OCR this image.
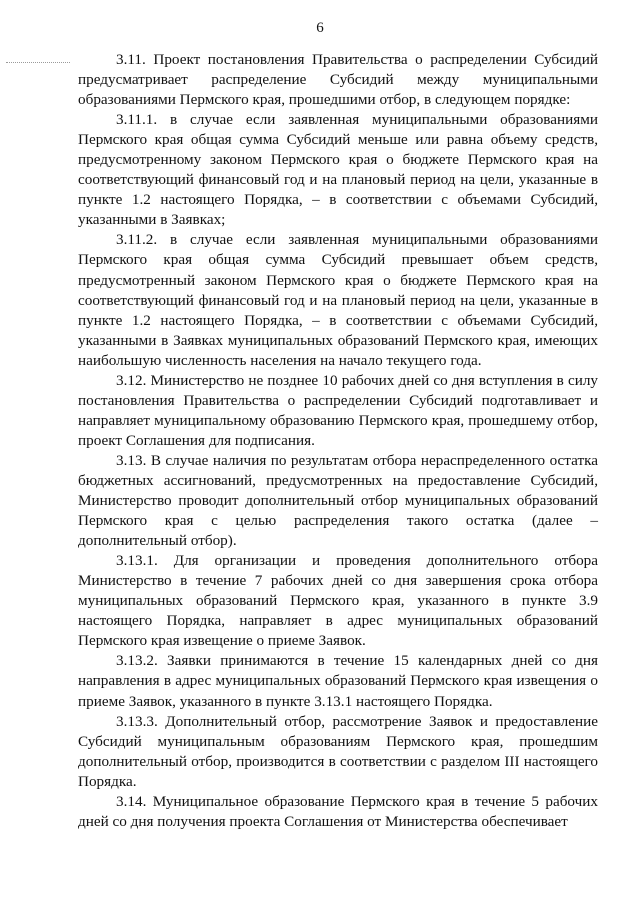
6

3.11. Проект постановления Правительства о распределении Субсидий предусматривает распределение Субсидий между муниципальными образованиями Пермского края, прошедшими отбор, в следующем порядке:

3.11.1. в случае если заявленная муниципальными образованиями Пермского края общая сумма Субсидий меньше или равна объему средств, предусмотренному законом Пермского края о бюджете Пермского края на соответствующий финансовый год и на плановый период на цели, указанные в пункте 1.2 настоящего Порядка, – в соответствии с объемами Субсидий, указанными в Заявках;

3.11.2. в случае если заявленная муниципальными образованиями Пермского края общая сумма Субсидий превышает объем средств, предусмотренный законом Пермского края о бюджете Пермского края на соответствующий финансовый год и на плановый период на цели, указанные в пункте 1.2 настоящего Порядка, – в соответствии с объемами Субсидий, указанными в Заявках муниципальных образований Пермского края, имеющих наибольшую численность населения на начало текущего года.

3.12. Министерство не позднее 10 рабочих дней со дня вступления в силу постановления Правительства о распределении Субсидий подготавливает и направляет муниципальному образованию Пермского края, прошедшему отбор, проект Соглашения для подписания.

3.13. В случае наличия по результатам отбора нераспределенного остатка бюджетных ассигнований, предусмотренных на предоставление Субсидий, Министерство проводит дополнительный отбор муниципальных образований Пермского края с целью распределения такого остатка (далее – дополнительный отбор).

3.13.1. Для организации и проведения дополнительного отбора Министерство в течение 7 рабочих дней со дня завершения срока отбора муниципальных образований Пермского края, указанного в пункте 3.9 настоящего Порядка, направляет в адрес муниципальных образований Пермского края извещение о приеме Заявок.

3.13.2. Заявки принимаются в течение 15 календарных дней со дня направления в адрес муниципальных образований Пермского края извещения о приеме Заявок, указанного в пункте 3.13.1 настоящего Порядка.

3.13.3. Дополнительный отбор, рассмотрение Заявок и предоставление Субсидий муниципальным образованиям Пермского края, прошедшим дополнительный отбор, производится в соответствии с разделом III настоящего Порядка.

3.14. Муниципальное образование Пермского края в течение 5 рабочих дней со дня получения проекта Соглашения от Министерства обеспечивает
